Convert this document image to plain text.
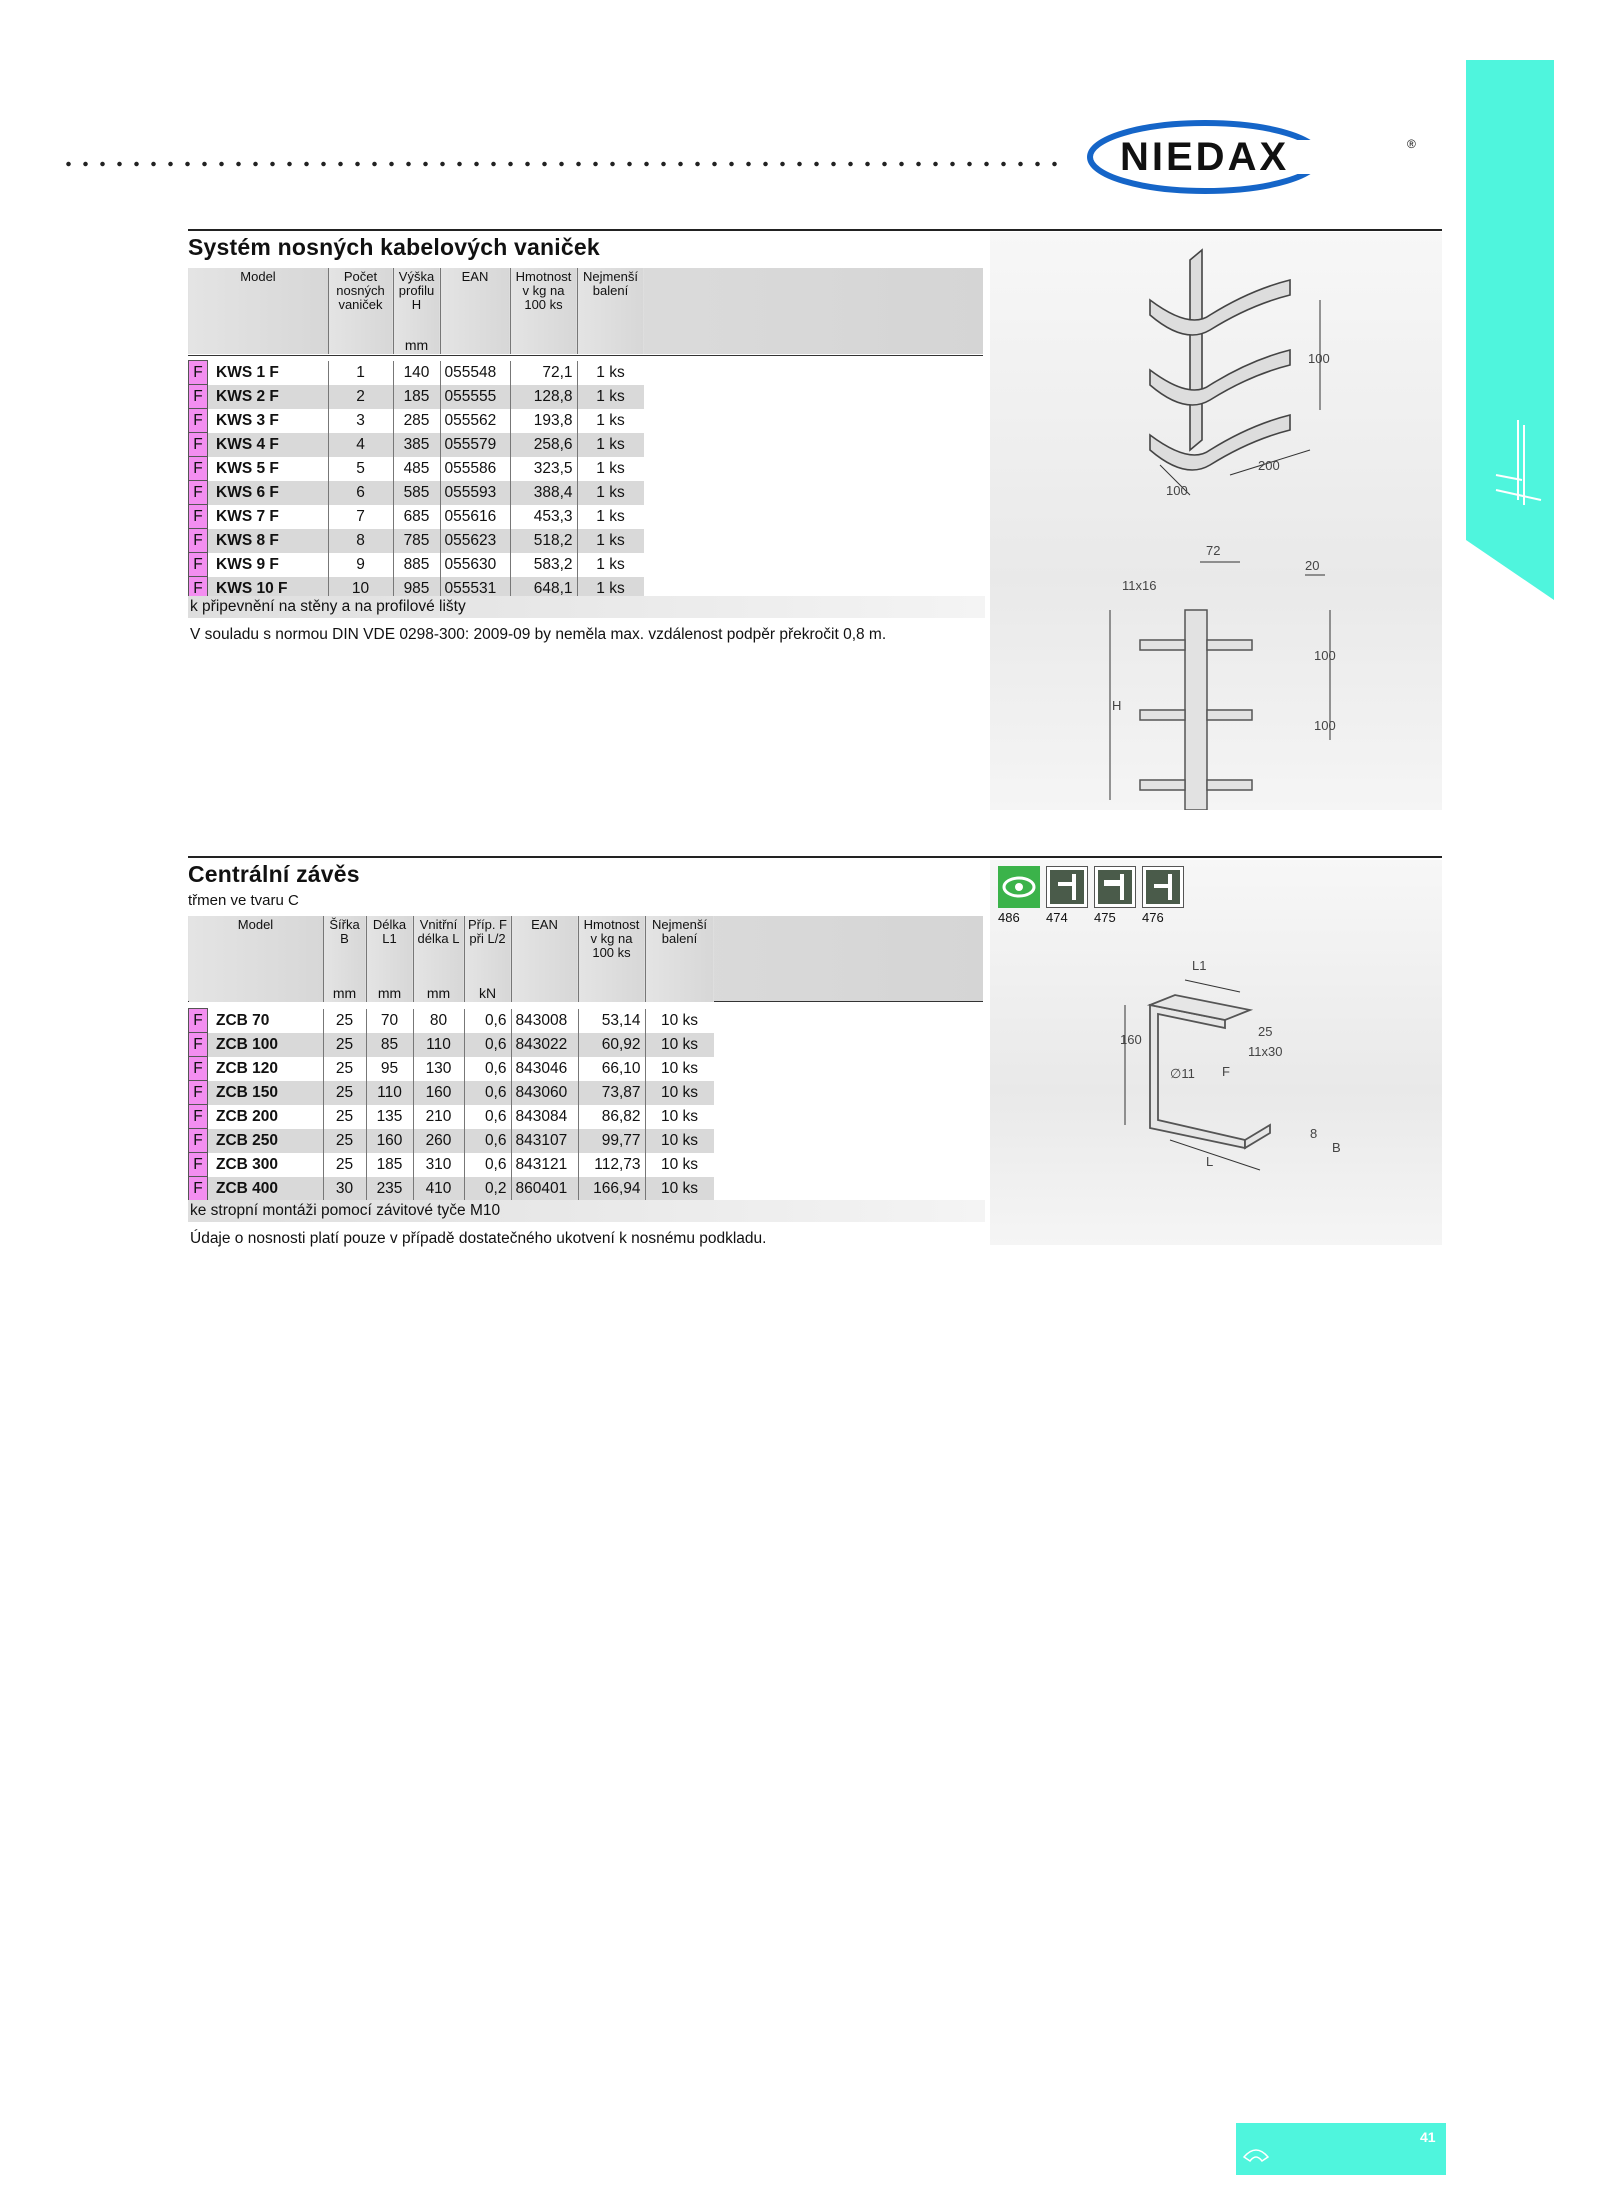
NIEDAX	®
Systém nosných kabelových vaniček
Model		Počet nosných vaniček	Výška profilu H	EAN	Hmotnost v kg na 100 ks	Nejmenší balení
			mm			

F	KWS 1 F	1	140	055548	72,1	1 ks
F	KWS 2 F	2	185	055555	128,8	1 ks
F	KWS 3 F	3	285	055562	193,8	1 ks
F	KWS 4 F	4	385	055579	258,6	1 ks
F	KWS 5 F	5	485	055586	323,5	1 ks
F	KWS 6 F	6	585	055593	388,4	1 ks
F	KWS 7 F	7	685	055616	453,3	1 ks
F	KWS 8 F	8	785	055623	518,2	1 ks
F	KWS 9 F	9	885	055630	583,2	1 ks
F	KWS 10 F	10	985	055531	648,1	1 ks
k připevnění na stěny a na profilové lišty
V souladu s normou DIN VDE 0298-300: 2009-09 by neměla max. vzdálenost podpěr překročit 0,8 m.
100
200
100
72
20
11x16
100
H
100
Centrální závěs
třmen ve tvaru C
Model		Šířka B	Délka L1	Vnitřní délka L	Příp. F při L/2	EAN	Hmotnost v kg na 100 ks	Nejmenší balení
		mm	mm	mm	kN			

F	ZCB 70	25	70	80	0,6	843008	53,14	10 ks
F	ZCB 100	25	85	110	0,6	843022	60,92	10 ks
F	ZCB 120	25	95	130	0,6	843046	66,10	10 ks
F	ZCB 150	25	110	160	0,6	843060	73,87	10 ks
F	ZCB 200	25	135	210	0,6	843084	86,82	10 ks
F	ZCB 250	25	160	260	0,6	843107	99,77	10 ks
F	ZCB 300	25	185	310	0,6	843121	112,73	10 ks
F	ZCB 400	30	235	410	0,2	860401	166,94	10 ks
ke stropní montáži pomocí závitové tyče M10
Údaje o nosnosti platí pouze v případě dostatečného ukotvení k nosnému podkladu.
486 474 475 476
L1
160
25
11x30
∅11 F
8
B
L
41
